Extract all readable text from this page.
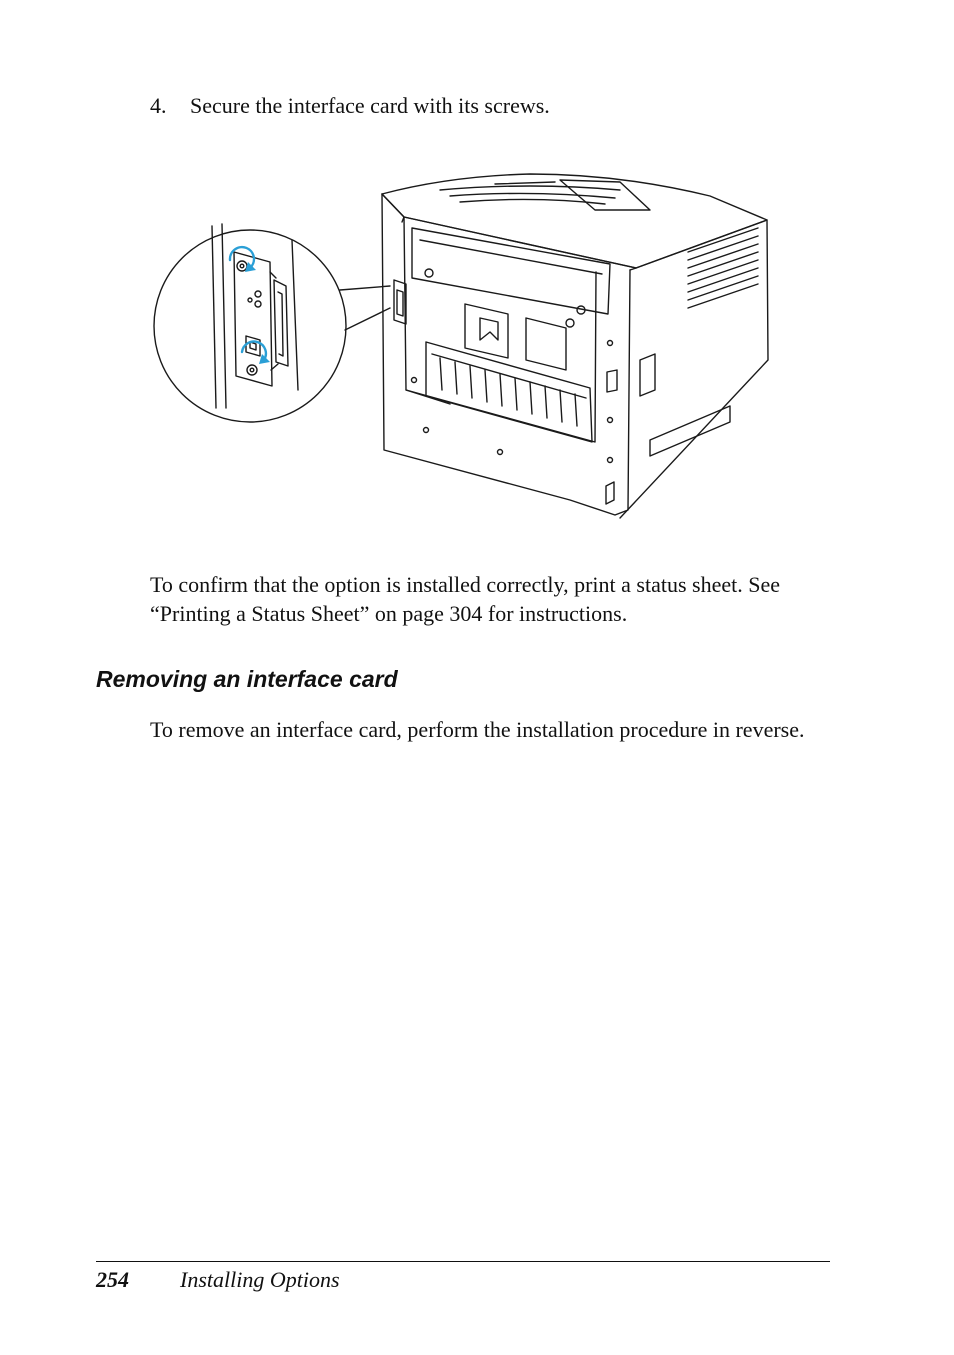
4. Secure the interface card with its screws.

To confirm that the option is installed correctly, print a status sheet. See “Printing a Status Sheet” on page 304 for instructions.

Removing an interface card

To remove an interface card, perform the installation procedure in reverse.

254 Installing Options
